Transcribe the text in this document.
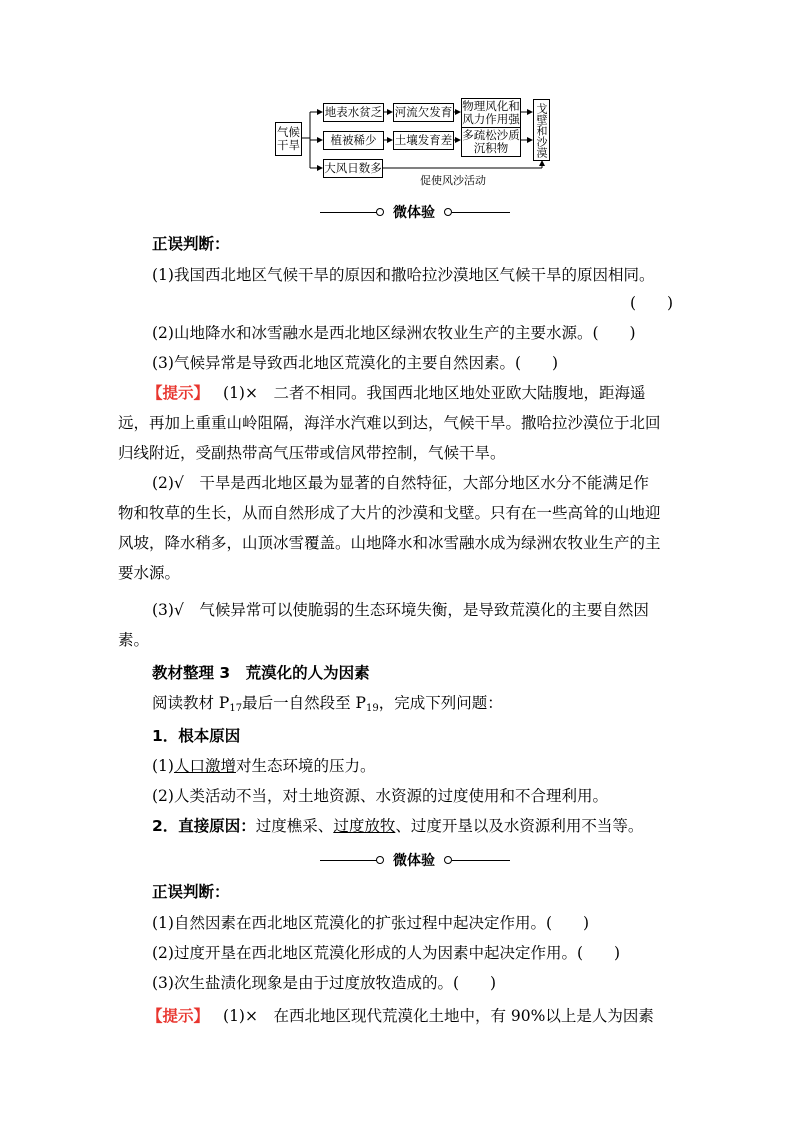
气候干旱
地表水贫乏 河流欠发育 物理风化和风力作用强
植被稀少 土壤发育差 多疏松沙质沉积物
大风日数多
戈壁和沙漠
促使风沙活动
微体验
正误判断：
(1)我国西北地区气候干旱的原因和撒哈拉沙漠地区气候干旱的原因相同。
(　　)
(2)山地降水和冰雪融水是西北地区绿洲农牧业生产的主要水源。(　　)
(3)气候异常是导致西北地区荒漠化的主要自然因素。(　　)
【提示】 (1)×　二者不相同。我国西北地区地处亚欧大陆腹地，距海遥
远，再加上重重山岭阻隔，海洋水汽难以到达，气候干旱。撒哈拉沙漠位于北回
归线附近，受副热带高气压带或信风带控制，气候干旱。
(2)√　干旱是西北地区最为显著的自然特征，大部分地区水分不能满足作
物和牧草的生长，从而自然形成了大片的沙漠和戈壁。只有在一些高耸的山地迎
风坡，降水稍多，山顶冰雪覆盖。山地降水和冰雪融水成为绿洲农牧业生产的主
要水源。
(3)√　气候异常可以使脆弱的生态环境失衡，是导致荒漠化的主要自然因
素。
教材整理 3　荒漠化的人为因素
阅读教材 $P_{17}$最后一自然段至 $P_{19}$，完成下列问题：
1．根本原因
(1)人口激增对生态环境的压力。
(2)人类活动不当，对土地资源、水资源的过度使用和不合理利用。
2．直接原因：过度樵采、过度放牧、过度开垦以及水资源利用不当等。
微体验
正误判断：
(1)自然因素在西北地区荒漠化的扩张过程中起决定作用。(　　)
(2)过度开垦在西北地区荒漠化形成的人为因素中起决定作用。(　　)
(3)次生盐渍化现象是由于过度放牧造成的。(　　)
【提示】 (1)×　在西北地区现代荒漠化土地中，有 90%以上是人为因素
